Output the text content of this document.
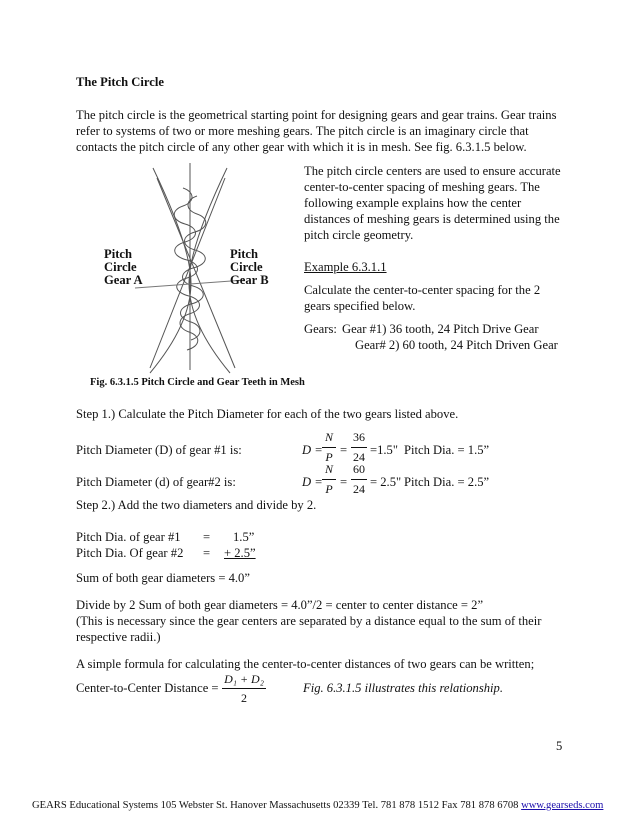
The Pitch Circle
The pitch circle is the geometrical starting point for designing gears and gear trains. Gear trains
refer to systems of two or more meshing gears. The pitch circle is an imaginary circle that
contacts the pitch circle of any other gear with which it is in mesh. See fig. 6.3.1.5 below.
Pitch
Circle
Gear A
Pitch
Circle
Gear B
Fig. 6.3.1.5 Pitch Circle and Gear Teeth in Mesh
The pitch circle centers are used to ensure accurate
center-to-center spacing of meshing gears. The
following example explains how the center
distances of meshing gears is determined using the
pitch circle geometry.
Example 6.3.1.1
Calculate the center-to-center spacing for the 2
gears specified below.
Gears: Gear #1) 36 tooth, 24 Pitch Drive Gear
Gear# 2) 60 tooth, 24 Pitch Driven Gear
Step 1.) Calculate the Pitch Diameter for each of the two gears listed above.
Pitch Diameter (D) of gear #1 is:	D =
N
P =
36
24 =1.5" Pitch Dia. = 1.5”
Pitch Diameter (d) of gear#2 is:	D =
N
P =
60
24 = 2.5" Pitch Dia. = 2.5”
Step 2.) Add the two diameters and divide by 2.
Pitch Dia. of gear #1 = 1.5”
Pitch Dia. Of gear #2 = + 2.5”
Sum of both gear diameters = 4.0”
Divide by 2 Sum of both gear diameters = 4.0”/2 = center to center distance = 2”
(This is necessary since the gear centers are separated by a distance equal to the sum of their
respective radii.)
A simple formula for calculating the center-to-center distances of two gears can be written;
Center-to-Center Distance =
D₁ + D₂
2
Fig. 6.3.1.5 illustrates this relationship.
5
GEARS Educational Systems 105 Webster St. Hanover Massachusetts 02339 Tel. 781 878 1512 Fax 781 878 6708 www.gearseds.com
